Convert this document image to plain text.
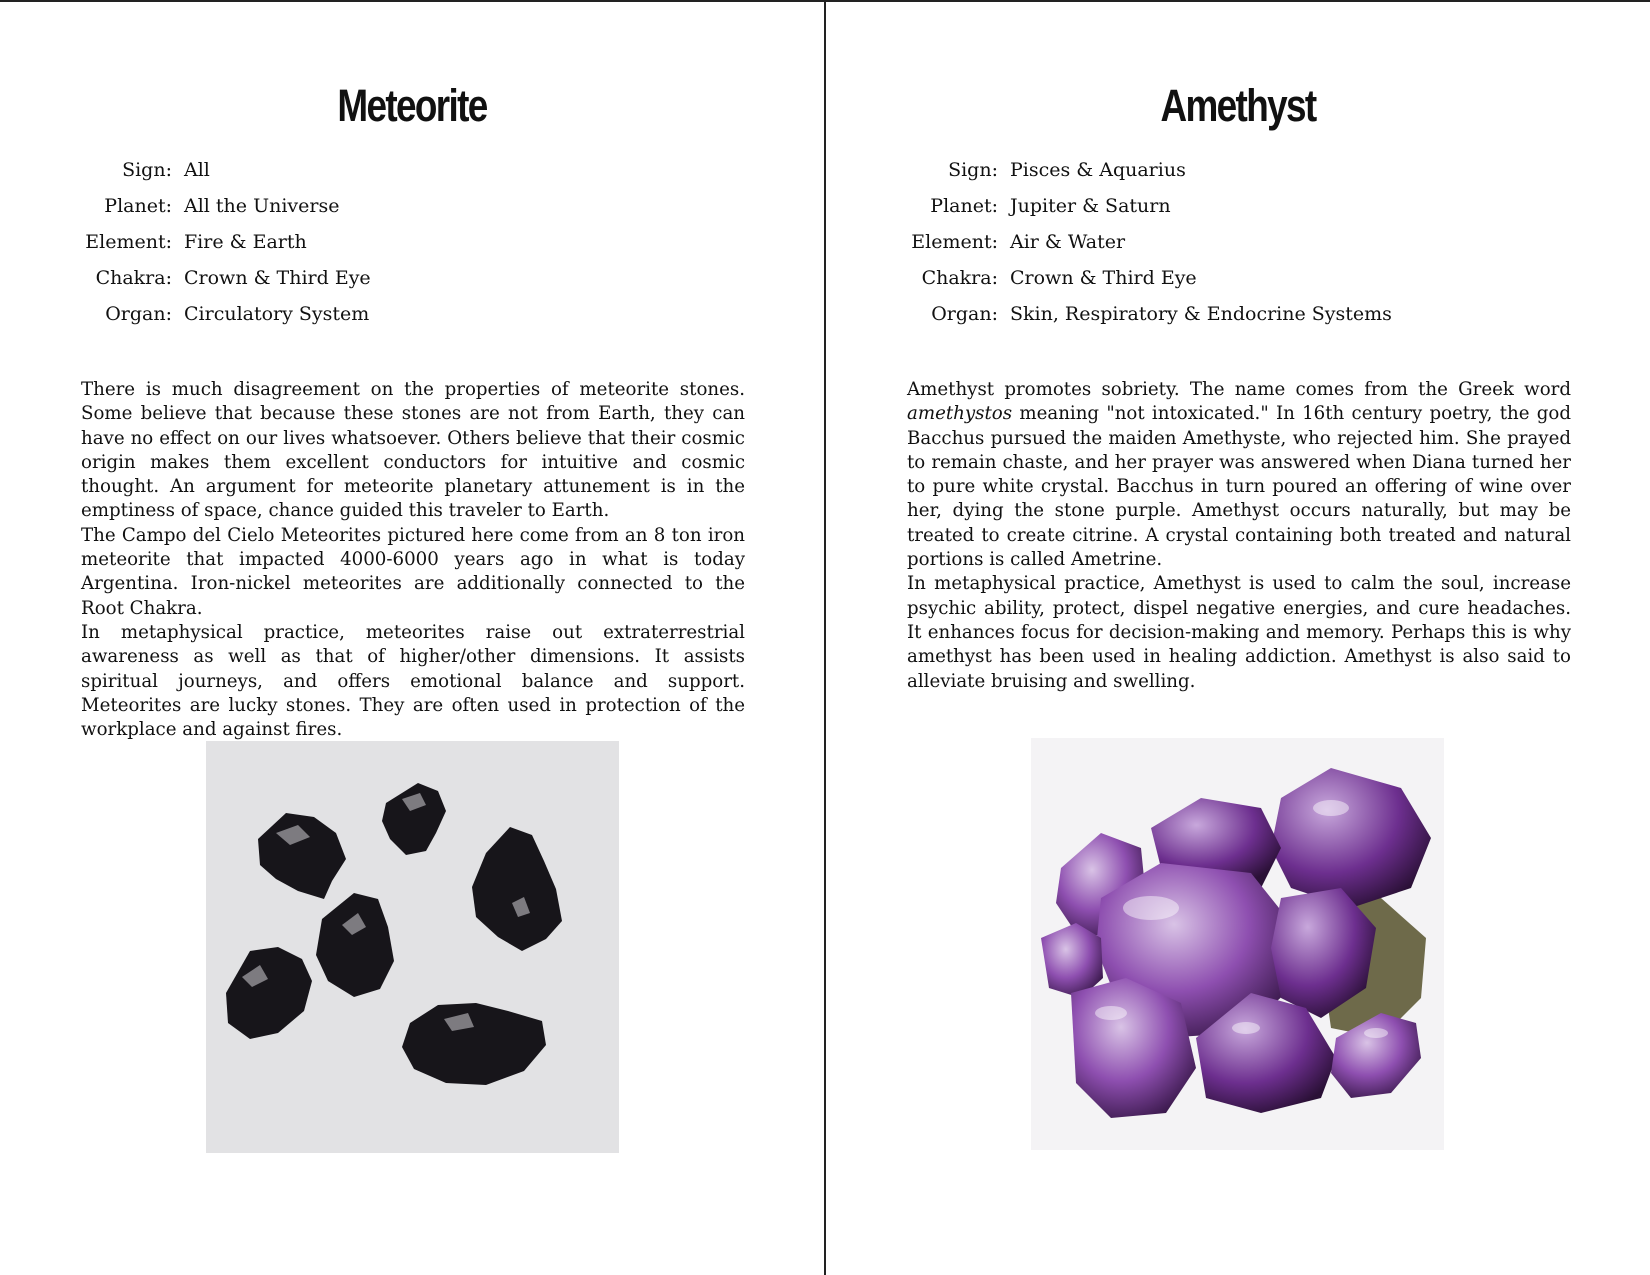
Meteorite
Sign: All
Planet: All the Universe
Element: Fire & Earth
Chakra: Crown & Third Eye
Organ: Circulatory System

There is much disagreement on the properties of meteorite stones. Some believe that because these stones are not from Earth, they can have no effect on our lives whatsoever. Others believe that their cosmic origin makes them excellent conductors for intuitive and cosmic thought. An argument for meteorite planetary attunement is in the emptiness of space, chance guided this traveler to Earth.

The Campo del Cielo Meteorites pictured here come from an 8 ton iron meteorite that impacted 4000-6000 years ago in what is today Argentina. Iron-nickel meteorites are additionally connected to the Root Chakra.

In metaphysical practice, meteorites raise out extraterrestrial awareness as well as that of higher/other dimensions. It assists spiritual journeys, and offers emotional balance and support. Meteorites are lucky stones. They are often used in protection of the workplace and against fires.

Amethyst
Sign: Pisces & Aquarius
Planet: Jupiter & Saturn
Element: Air & Water
Chakra: Crown & Third Eye
Organ: Skin, Respiratory & Endocrine Systems

Amethyst promotes sobriety. The name comes from the Greek word amethystos meaning "not intoxicated." In 16th century poetry, the god Bacchus pursued the maiden Amethyste, who rejected him. She prayed to remain chaste, and her prayer was answered when Diana turned her to pure white crystal. Bacchus in turn poured an offering of wine over her, dying the stone purple. Amethyst occurs naturally, but may be treated to create citrine. A crystal containing both treated and natural portions is called Ametrine.

In metaphysical practice, Amethyst is used to calm the soul, increase psychic ability, protect, dispel negative energies, and cure headaches. It enhances focus for decision-making and memory. Perhaps this is why amethyst has been used in healing addiction. Amethyst is also said to alleviate bruising and swelling.
